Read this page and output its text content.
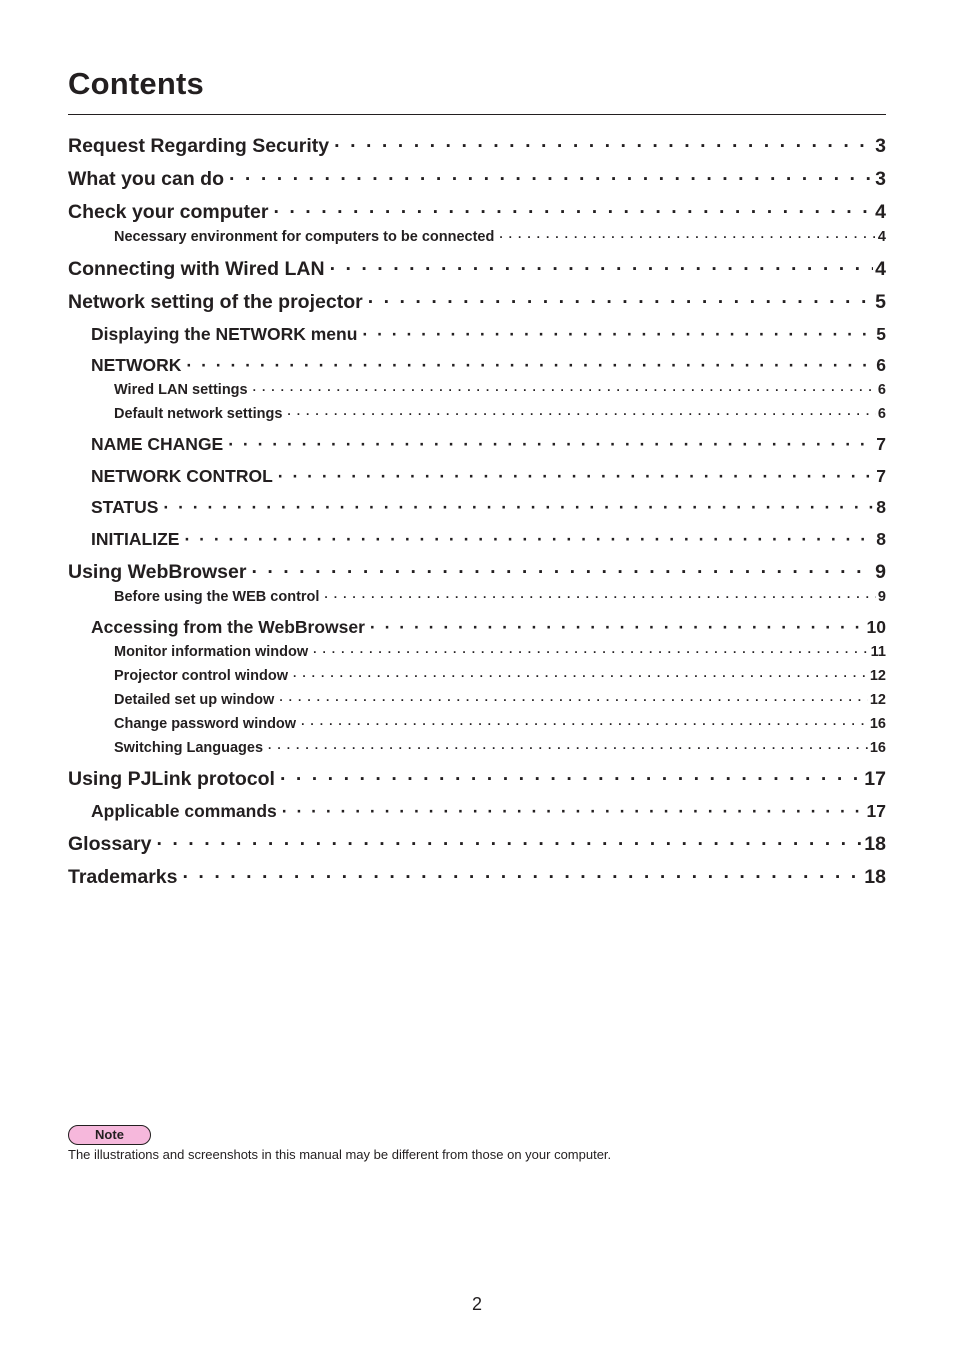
Contents
Request Regarding Security · · ·	3
What you can do · · ·	3
Check your computer · · ·	4
Necessary environment for computers to be connected · · ·	4
Connecting with Wired LAN · · ·	4
Network setting of the projector · · ·	5
Displaying the NETWORK menu · · ·	5
NETWORK · · ·	6
Wired LAN settings · · ·	6
Default network settings · · ·	6
NAME CHANGE · · ·	7
NETWORK CONTROL · · ·	7
STATUS · · ·	8
INITIALIZE · · ·	8
Using WebBrowser · · ·	9
Before using the WEB control · · ·	9
Accessing from the WebBrowser · · ·	10
Monitor information window · · ·	11
Projector control window · · ·	12
Detailed set up window · · ·	12
Change password window · · ·	16
Switching Languages · · ·	16
Using PJLink protocol · · ·	17
Applicable commands · · ·	17
Glossary · · ·	18
Trademarks · · ·	18
Note
The illustrations and screenshots in this manual may be different from those on your computer.
2
